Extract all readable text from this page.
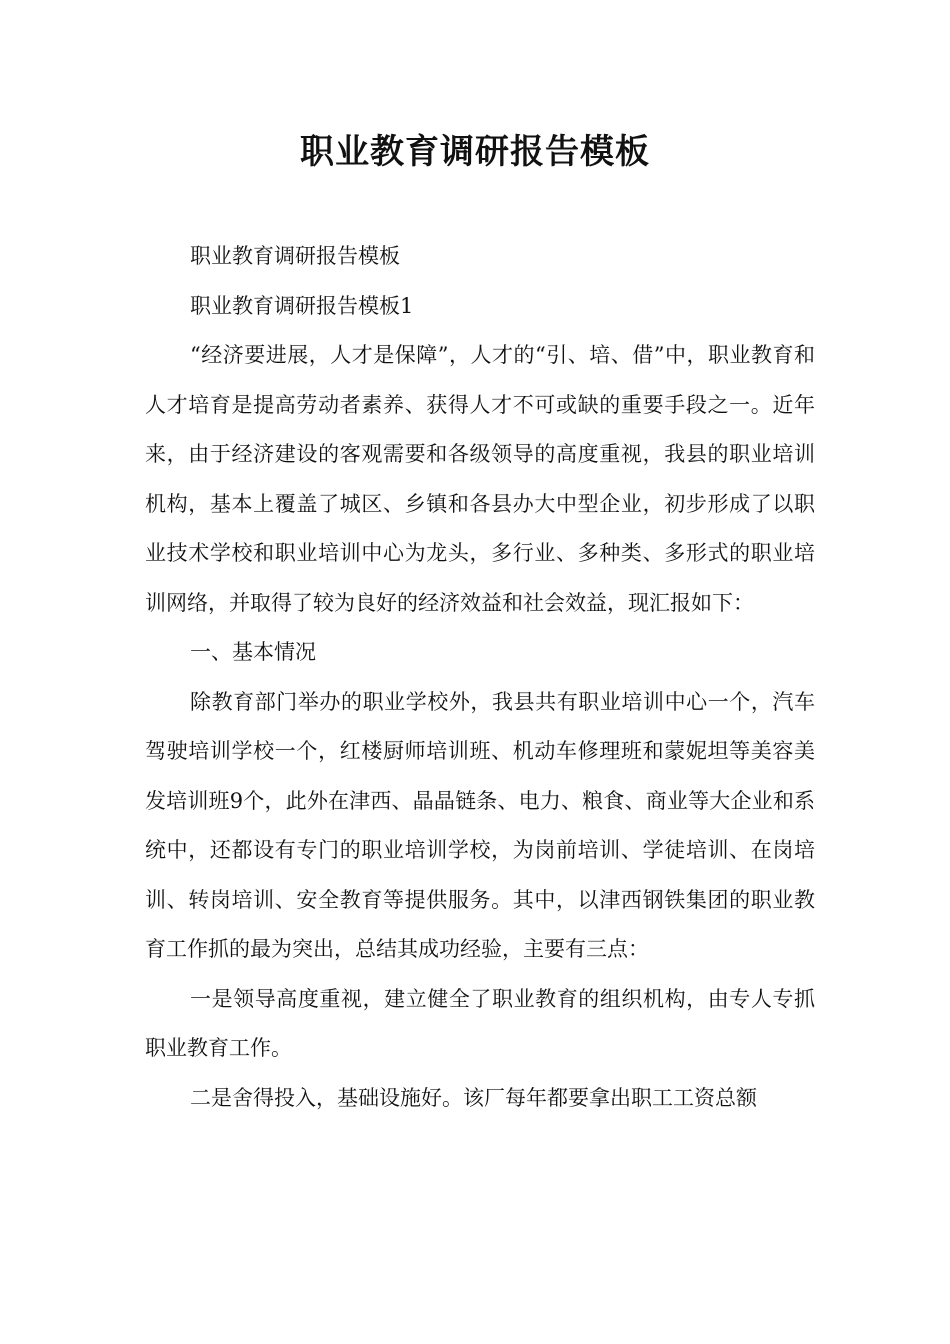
职业教育调研报告模板

职业教育调研报告模板

职业教育调研报告模板1

“经济要进展，人才是保障”，人才的“引、培、借”中，职业教育和人才培育是提高劳动者素养、获得人才不可或缺的重要手段之一。近年来，由于经济建设的客观需要和各级领导的高度重视，我县的职业培训机构，基本上覆盖了城区、乡镇和各县办大中型企业，初步形成了以职业技术学校和职业培训中心为龙头，多行业、多种类、多形式的职业培训网络，并取得了较为良好的经济效益和社会效益，现汇报如下：

一、基本情况

除教育部门举办的职业学校外，我县共有职业培训中心一个，汽车驾驶培训学校一个，红楼厨师培训班、机动车修理班和蒙妮坦等美容美发培训班9个，此外在津西、晶晶链条、电力、粮食、商业等大企业和系统中，还都设有专门的职业培训学校，为岗前培训、学徒培训、在岗培训、转岗培训、安全教育等提供服务。其中，以津西钢铁集团的职业教育工作抓的最为突出，总结其成功经验，主要有三点：

一是领导高度重视，建立健全了职业教育的组织机构，由专人专抓职业教育工作。

二是舍得投入，基础设施好。该厂每年都要拿出职工工资总额
